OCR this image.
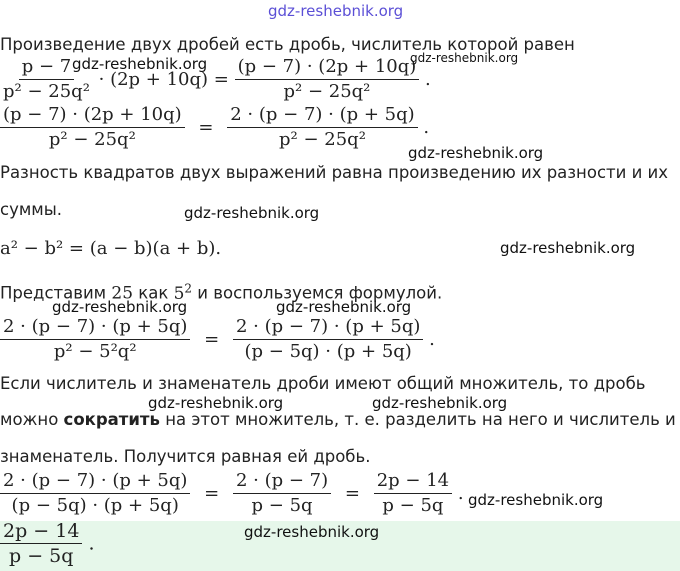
gdz-reshebnik.org
Произведение двух дробей есть дробь, числитель которой равен
$\frac{p - 7}{\text{p² − 25q²}} \cdot (2p + 10q) = \frac{(p - 7) \cdot (2p + 10q)}{\text{p² − 25q²}}$ .
gdz-reshebnik.org	gdz-reshebnik.org
$\frac{(p - 7) \cdot (2p + 10q)}{\text{p² − 25q²}} = \frac{2 \cdot (p - 7) \cdot (p + 5q)}{\text{p² − 25q²}}$ .
gdz-reshebnik.org
Разность квадратов двух выражений равна произведению их разности и их
суммы.	gdz-reshebnik.org
a² − b² = (a − b)(a + b).	gdz-reshebnik.org
Представим 25 как $5^2$ и воспользуемся формулой.
gdz-reshebnik.org	gdz-reshebnik.org
$\frac{2 \cdot (p - 7) \cdot (p + 5q)}{\text{p² − 5²q²}} = \frac{2 \cdot (p - 7) \cdot (p + 5q)}{(p - 5q) \cdot (p + 5q)}$ .
Если числитель и знаменатель дроби имеют общий множитель, то дробь
gdz-reshebnik.org	gdz-reshebnik.org
можно сократить на этот множитель, т. е. разделить на него и числитель и
знаменатель. Получится равная ей дробь.
$\frac{2 \cdot (p - 7) \cdot (p + 5q)}{(p - 5q) \cdot (p + 5q)} = \frac{2 \cdot (p - 7)}{p - 5q} = \frac{2p - 14}{p - 5q}$ . gdz-reshebnik.org
$\frac{2p - 14}{p - 5q}$ .
gdz-reshebnik.org
